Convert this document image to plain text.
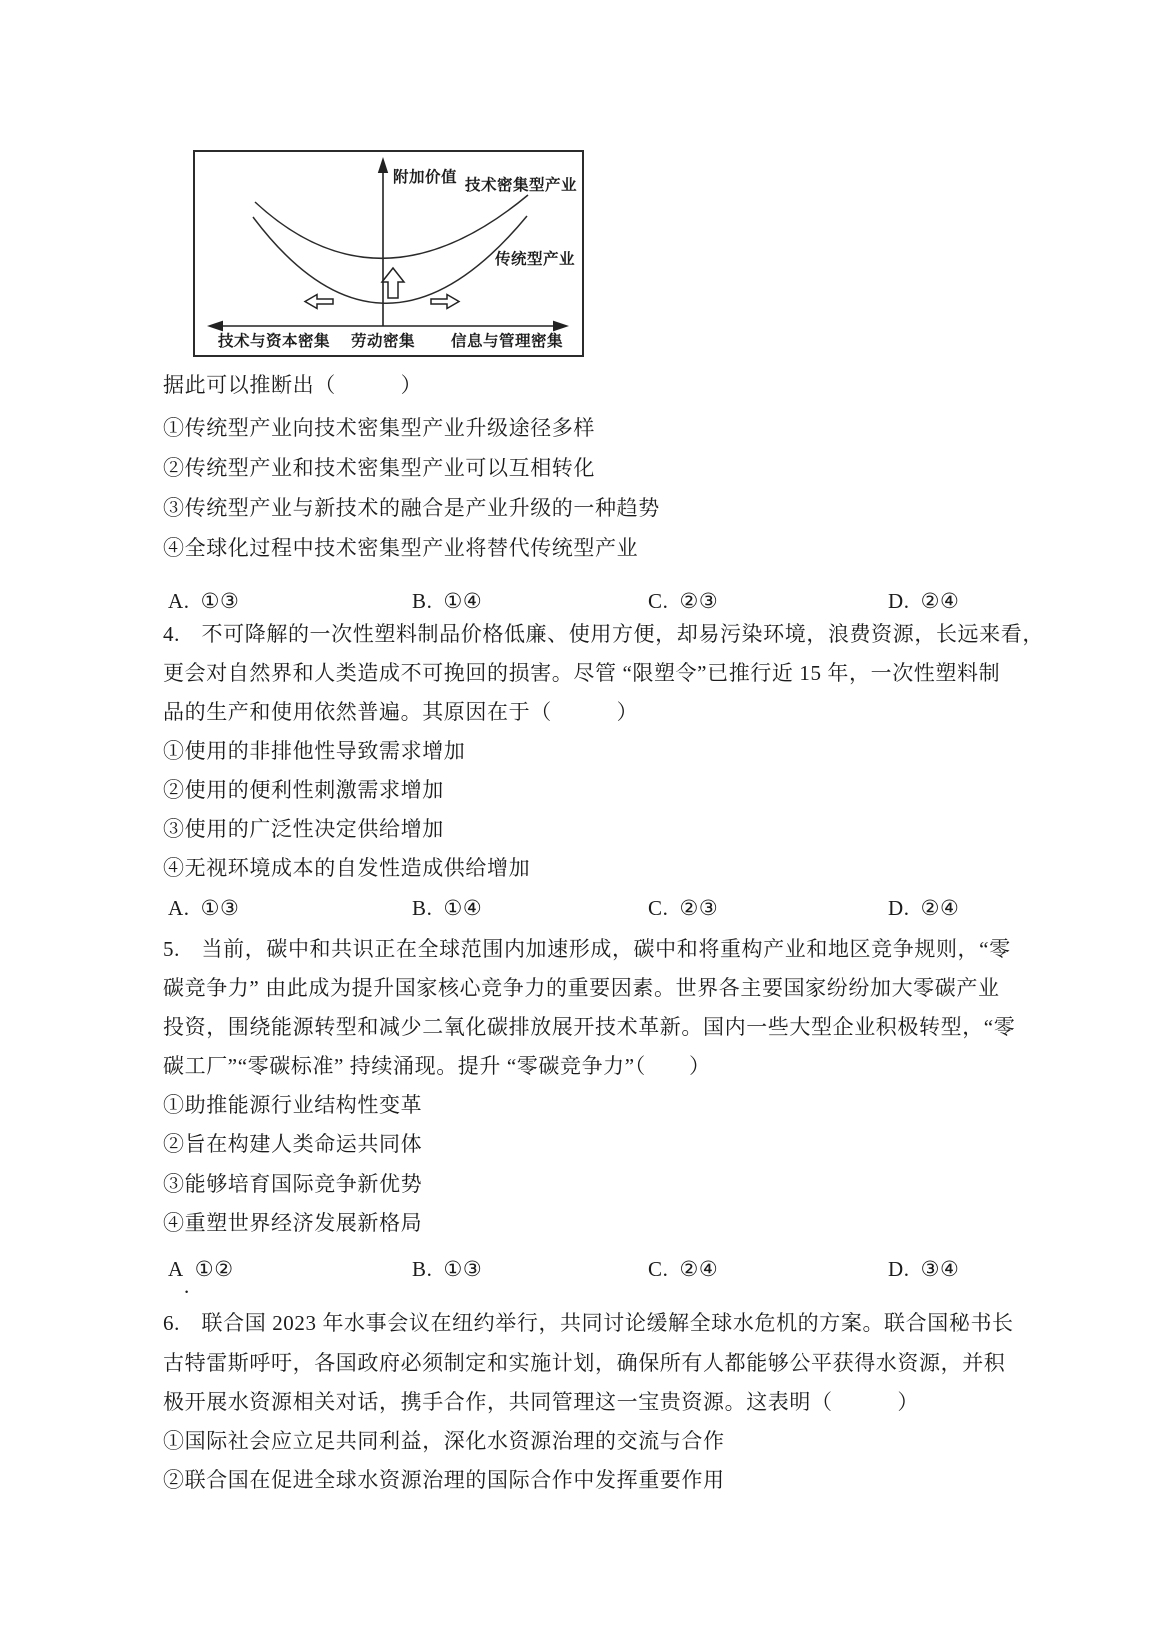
附加价值 技术密集型产业
传统型产业
技术与资本密集 劳动密集 信息与管理密集
据此可以推断出（　　　）
①传统型产业向技术密集型产业升级途径多样
②传统型产业和技术密集型产业可以互相转化
③传统型产业与新技术的融合是产业升级的一种趋势
④全球化过程中技术密集型产业将替代传统型产业
A. ①③	B. ①④	C. ②③	D. ②④
4.　不可降解的一次性塑料制品价格低廉、使用方便，却易污染环境，浪费资源，长远来看，
更会对自然界和人类造成不可挽回的损害。尽管 “限塑令”已推行近 15 年，一次性塑料制
品的生产和使用依然普遍。其原因在于（　　　）
①使用的非排他性导致需求增加
②使用的便利性刺激需求增加
③使用的广泛性决定供给增加
④无视环境成本的自发性造成供给增加
A. ①③	B. ①④	C. ②③	D. ②④
5.　当前，碳中和共识正在全球范围内加速形成，碳中和将重构产业和地区竞争规则，“零
碳竞争力” 由此成为提升国家核心竞争力的重要因素。世界各主要国家纷纷加大零碳产业
投资，围绕能源转型和减少二氧化碳排放展开技术革新。国内一些大型企业积极转型，“零
碳工厂”“零碳标准” 持续涌现。提升 “零碳竞争力”（　　）
①助推能源行业结构性变革
②旨在构建人类命运共同体
③能够培育国际竞争新优势
④重塑世界经济发展新格局
A ①②	B. ①③	C. ②④	D. ③④
.
6.　联合国 2023 年水事会议在纽约举行，共同讨论缓解全球水危机的方案。联合国秘书长
古特雷斯呼吁，各国政府必须制定和实施计划，确保所有人都能够公平获得水资源，并积
极开展水资源相关对话，携手合作，共同管理这一宝贵资源。这表明（　　　）
①国际社会应立足共同利益，深化水资源治理的交流与合作
②联合国在促进全球水资源治理的国际合作中发挥重要作用
